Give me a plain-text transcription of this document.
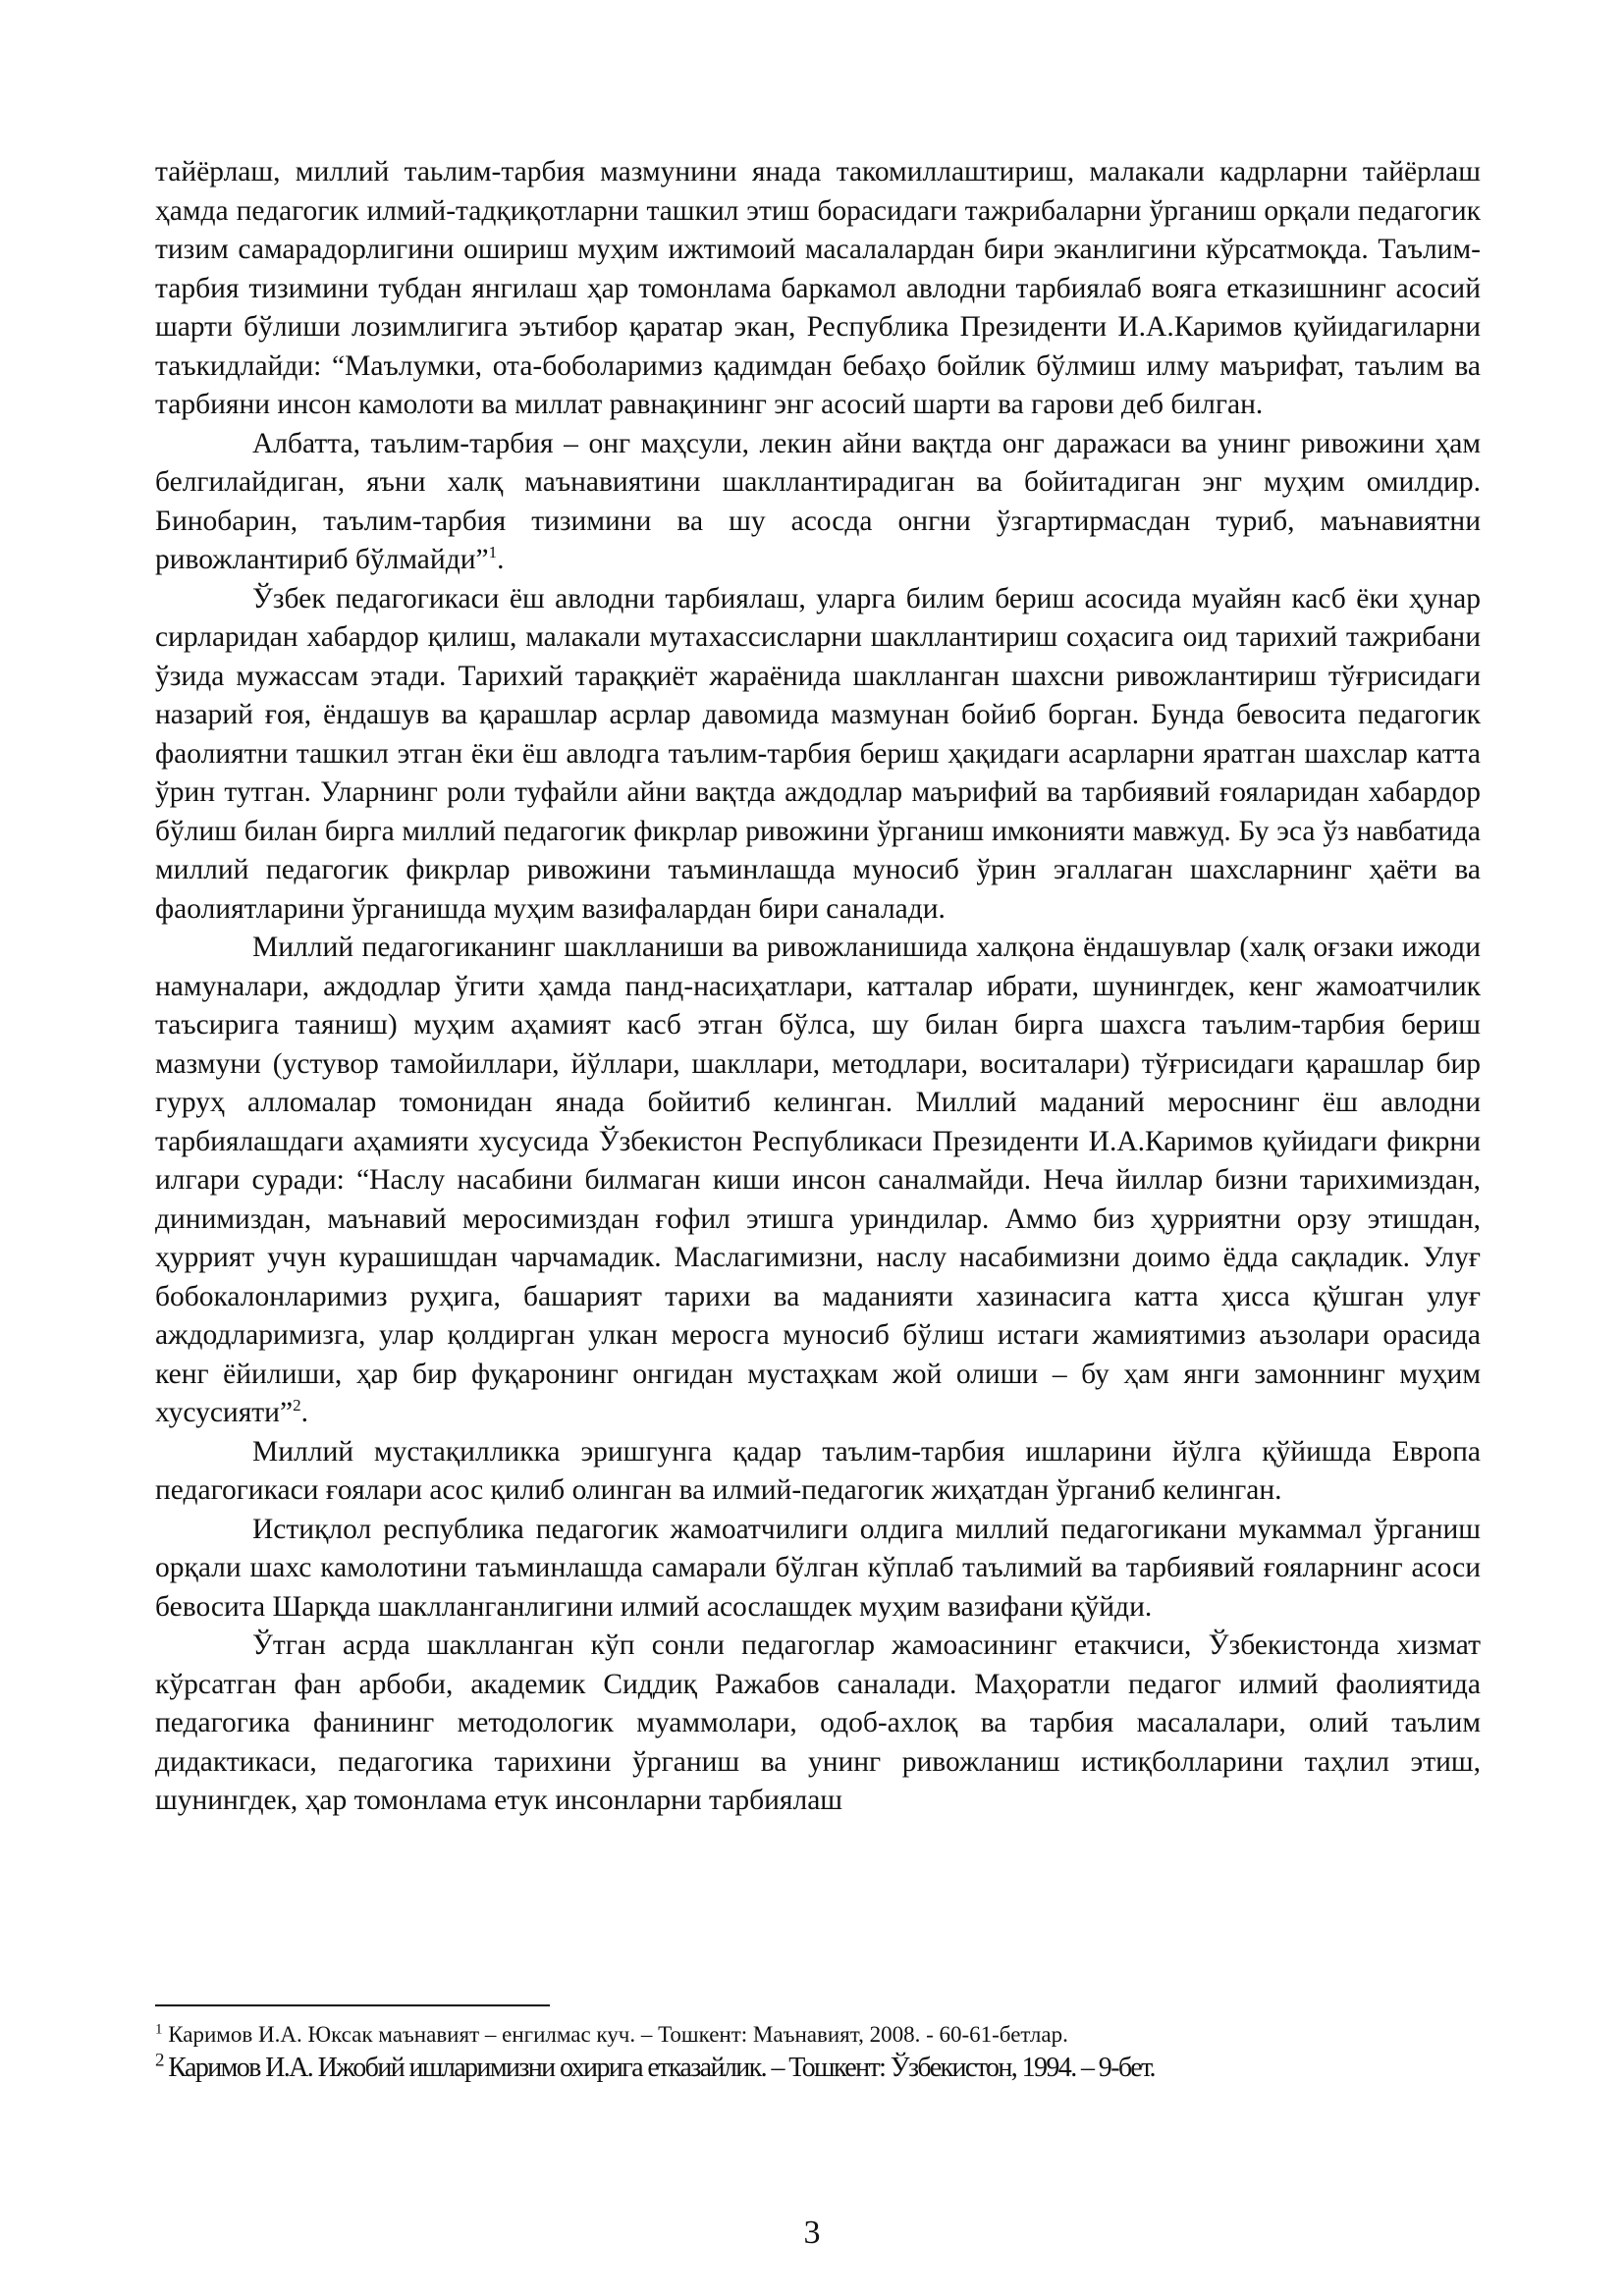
тайёрлаш, миллий таьлим-тарбия мазмунини янада такомиллаштириш, малакали кадрларни тайёрлаш ҳамда педагогик илмий-тадқиқотларни ташкил этиш борасидаги тажрибаларни ўрганиш орқали педагогик тизим самарадорлигини ошириш муҳим ижтимоий масалалардан бири эканлигини кўрсатмоқда. Таълим-тарбия тизимини тубдан янгилаш ҳар томонлама баркамол авлодни тарбиялаб вояга етказишнинг асосий шарти бўлиши лозимлигига эътибор қаратар экан, Республика Президенти И.А.Каримов қуйидагиларни таъкидлайди: “Маълумки, ота-боболаримиз қадимдан бебаҳо бойлик бўлмиш илму маърифат, таълим ва тарбияни инсон камолоти ва миллат равнақининг энг асосий шарти ва гарови деб билган.

Албатта, таълим-тарбия – онг маҳсули, лекин айни вақтда онг даражаси ва унинг ривожини ҳам белгилайдиган, яъни халқ маънавиятини шакллантирадиган ва бойитадиган энг муҳим омилдир. Бинобарин, таълим-тарбия тизимини ва шу асосда онгни ўзгартирмасдан туриб, маънавиятни ривожлантириб бўлмайди”$^1$.

Ўзбек педагогикаси ёш авлодни тарбиялаш, уларга билим бериш асосида муайян касб ёки ҳунар сирларидан хабардор қилиш, малакали мутахассисларни шакллантириш соҳасига оид тарихий тажрибани ўзида мужассам этади. Тарихий тараққиёт жараёнида шаклланган шахсни ривожлантириш тўғрисидаги назарий ғоя, ёндашув ва қарашлар асрлар давомида мазмунан бойиб борган. Бунда бевосита педагогик фаолиятни ташкил этган ёки ёш авлодга таълим-тарбия бериш ҳақидаги асарларни яратган шахслар катта ўрин тутган. Уларнинг роли туфайли айни вақтда аждодлар маърифий ва тарбиявий ғояларидан хабардор бўлиш билан бирга миллий педагогик фикрлар ривожини ўрганиш имконияти мавжуд. Бу эса ўз навбатида миллий педагогик фикрлар ривожини таъминлашда муносиб ўрин эгаллаган шахсларнинг ҳаёти ва фаолиятларини ўрганишда муҳим вазифалардан бири саналади.

Миллий педагогиканинг шаклланиши ва ривожланишида халқона ёндашувлар (халқ оғзаки ижоди намуналари, аждодлар ўгити ҳамда панд-насиҳатлари, катталар ибрати, шунингдек, кенг жамоатчилик таъсирига таяниш) муҳим аҳамият касб этган бўлса, шу билан бирга шахсга таълим-тарбия бериш мазмуни (устувор тамойиллари, йўллари, шакллари, методлари, воситалари) тўғрисидаги қарашлар бир гуруҳ алломалар томонидан янада бойитиб келинган. Миллий маданий мероснинг ёш авлодни тарбиялашдаги аҳамияти хусусида Ўзбекистон Республикаси Президенти И.А.Каримов қуйидаги фикрни илгари суради: “Наслу насабини билмаган киши инсон саналмайди. Неча йиллар бизни тарихимиздан, динимиздан, маънавий меросимиздан ғофил этишга уриндилар. Аммо биз ҳурриятни орзу этишдан, ҳуррият учун курашишдан чарчамадик. Маслагимизни, наслу насабимизни доимо ёдда сақладик. Улуғ бобокалонларимиз руҳига, башарият тарихи ва маданияти хазинасига катта ҳисса қўшган улуғ аждодларимизга, улар қолдирган улкан меросга муносиб бўлиш истаги жамиятимиз аъзолари орасида кенг ёйилиши, ҳар бир фуқаронинг онгидан мустаҳкам жой олиши – бу ҳам янги замоннинг муҳим хусусияти”$^2$.

Миллий мустақилликка эришгунга қадар таълим-тарбия ишларини йўлга қўйишда Европа педагогикаси ғоялари асос қилиб олинган ва илмий-педагогик жиҳатдан ўрганиб келинган.

Истиқлол республика педагогик жамоатчилиги олдига миллий педагогикани мукаммал ўрганиш орқали шахс камолотини таъминлашда самарали бўлган кўплаб таълимий ва тарбиявий ғояларнинг асоси бевосита Шарқда шаклланганлигини илмий асослашдек муҳим вазифани қўйди.

Ўтган асрда шаклланган кўп сонли педагоглар жамоасининг етакчиси, Ўзбекистонда хизмат кўрсатган фан арбоби, академик Сиддиқ Ражабов саналади. Маҳоратли педагог илмий фаолиятида педагогика фанининг методологик муаммолари, одоб-ахлоқ ва тарбия масалалари, олий таълим дидактикаси, педагогика тарихини ўрганиш ва унинг ривожланиш истиқболларини таҳлил этиш, шунингдек, ҳар томонлама етук инсонларни тарбиялаш

$^1$ Каримов И.А. Юксак маънавият – енгилмас куч. – Тошкент: Маънавият, 2008. - 60-61-бетлар.

$^2$ Каримов И.А. Ижобий ишларимизни охирига етказайлик. – Тошкент: Ўзбекистон, 1994. – 9-бет.

3
